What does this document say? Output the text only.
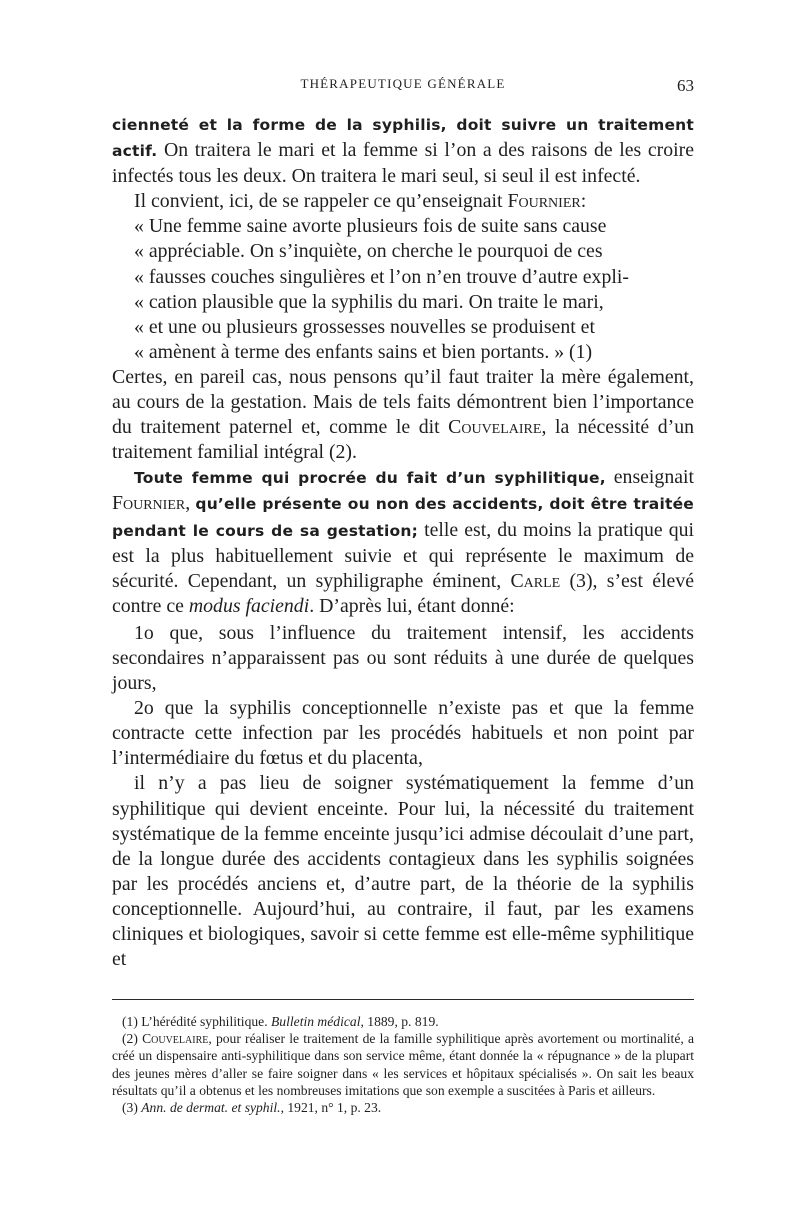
THÉRAPEUTIQUE GÉNÉRALE	63

cienneté et la forme de la syphilis, doit suivre un traitement actif. On traitera le mari et la femme si l’on a des raisons de les croire infectés tous les deux. On traitera le mari seul, si seul il est infecté.

Il convient, ici, de se rappeler ce qu’enseignait Fournier:
« Une femme saine avorte plusieurs fois de suite sans cause
« appréciable. On s’inquiète, on cherche le pourquoi de ces
« fausses couches singulières et l’on n’en trouve d’autre expli-
« cation plausible que la syphilis du mari. On traite le mari,
« et une ou plusieurs grossesses nouvelles se produisent et
« amènent à terme des enfants sains et bien portants. » (1)

Certes, en pareil cas, nous pensons qu’il faut traiter la mère également, au cours de la gestation. Mais de tels faits démontrent bien l’importance du traitement paternel et, comme le dit Couvelaire, la nécessité d’un traitement familial intégral (2).

Toute femme qui procrée du fait d’un syphilitique, enseignait Fournier, qu’elle présente ou non des accidents, doit être traitée pendant le cours de sa gestation; telle est, du moins la pratique qui est la plus habituellement suivie et qui représente le maximum de sécurité. Cependant, un syphiligraphe éminent, Carle (3), s’est élevé contre ce modus faciendi. D’après lui, étant donné:

1o que, sous l’influence du traitement intensif, les accidents secondaires n’apparaissent pas ou sont réduits à une durée de quelques jours,

2o que la syphilis conceptionnelle n’existe pas et que la femme contracte cette infection par les procédés habituels et non point par l’intermédiaire du fœtus et du placenta,

il n’y a pas lieu de soigner systématiquement la femme d’un syphilitique qui devient enceinte. Pour lui, la nécessité du traitement systématique de la femme enceinte jusqu’ici admise découlait d’une part, de la longue durée des accidents contagieux dans les syphilis soignées par les procédés anciens et, d’autre part, de la théorie de la syphilis conceptionnelle. Aujourd’hui, au contraire, il faut, par les examens cliniques et biologiques, savoir si cette femme est elle-même syphilitique et

(1) L’hérédité syphilitique. Bulletin médical, 1889, p. 819.

(2) Couvelaire, pour réaliser le traitement de la famille syphilitique après avortement ou mortinalité, a créé un dispensaire anti-syphilitique dans son service même, étant donnée la « répugnance » de la plupart des jeunes mères d’aller se faire soigner dans « les services et hôpitaux spécialisés ». On sait les beaux résultats qu’il a obtenus et les nombreuses imitations que son exemple a suscitées à Paris et ailleurs.

(3) Ann. de dermat. et syphil., 1921, n° 1, p. 23.
